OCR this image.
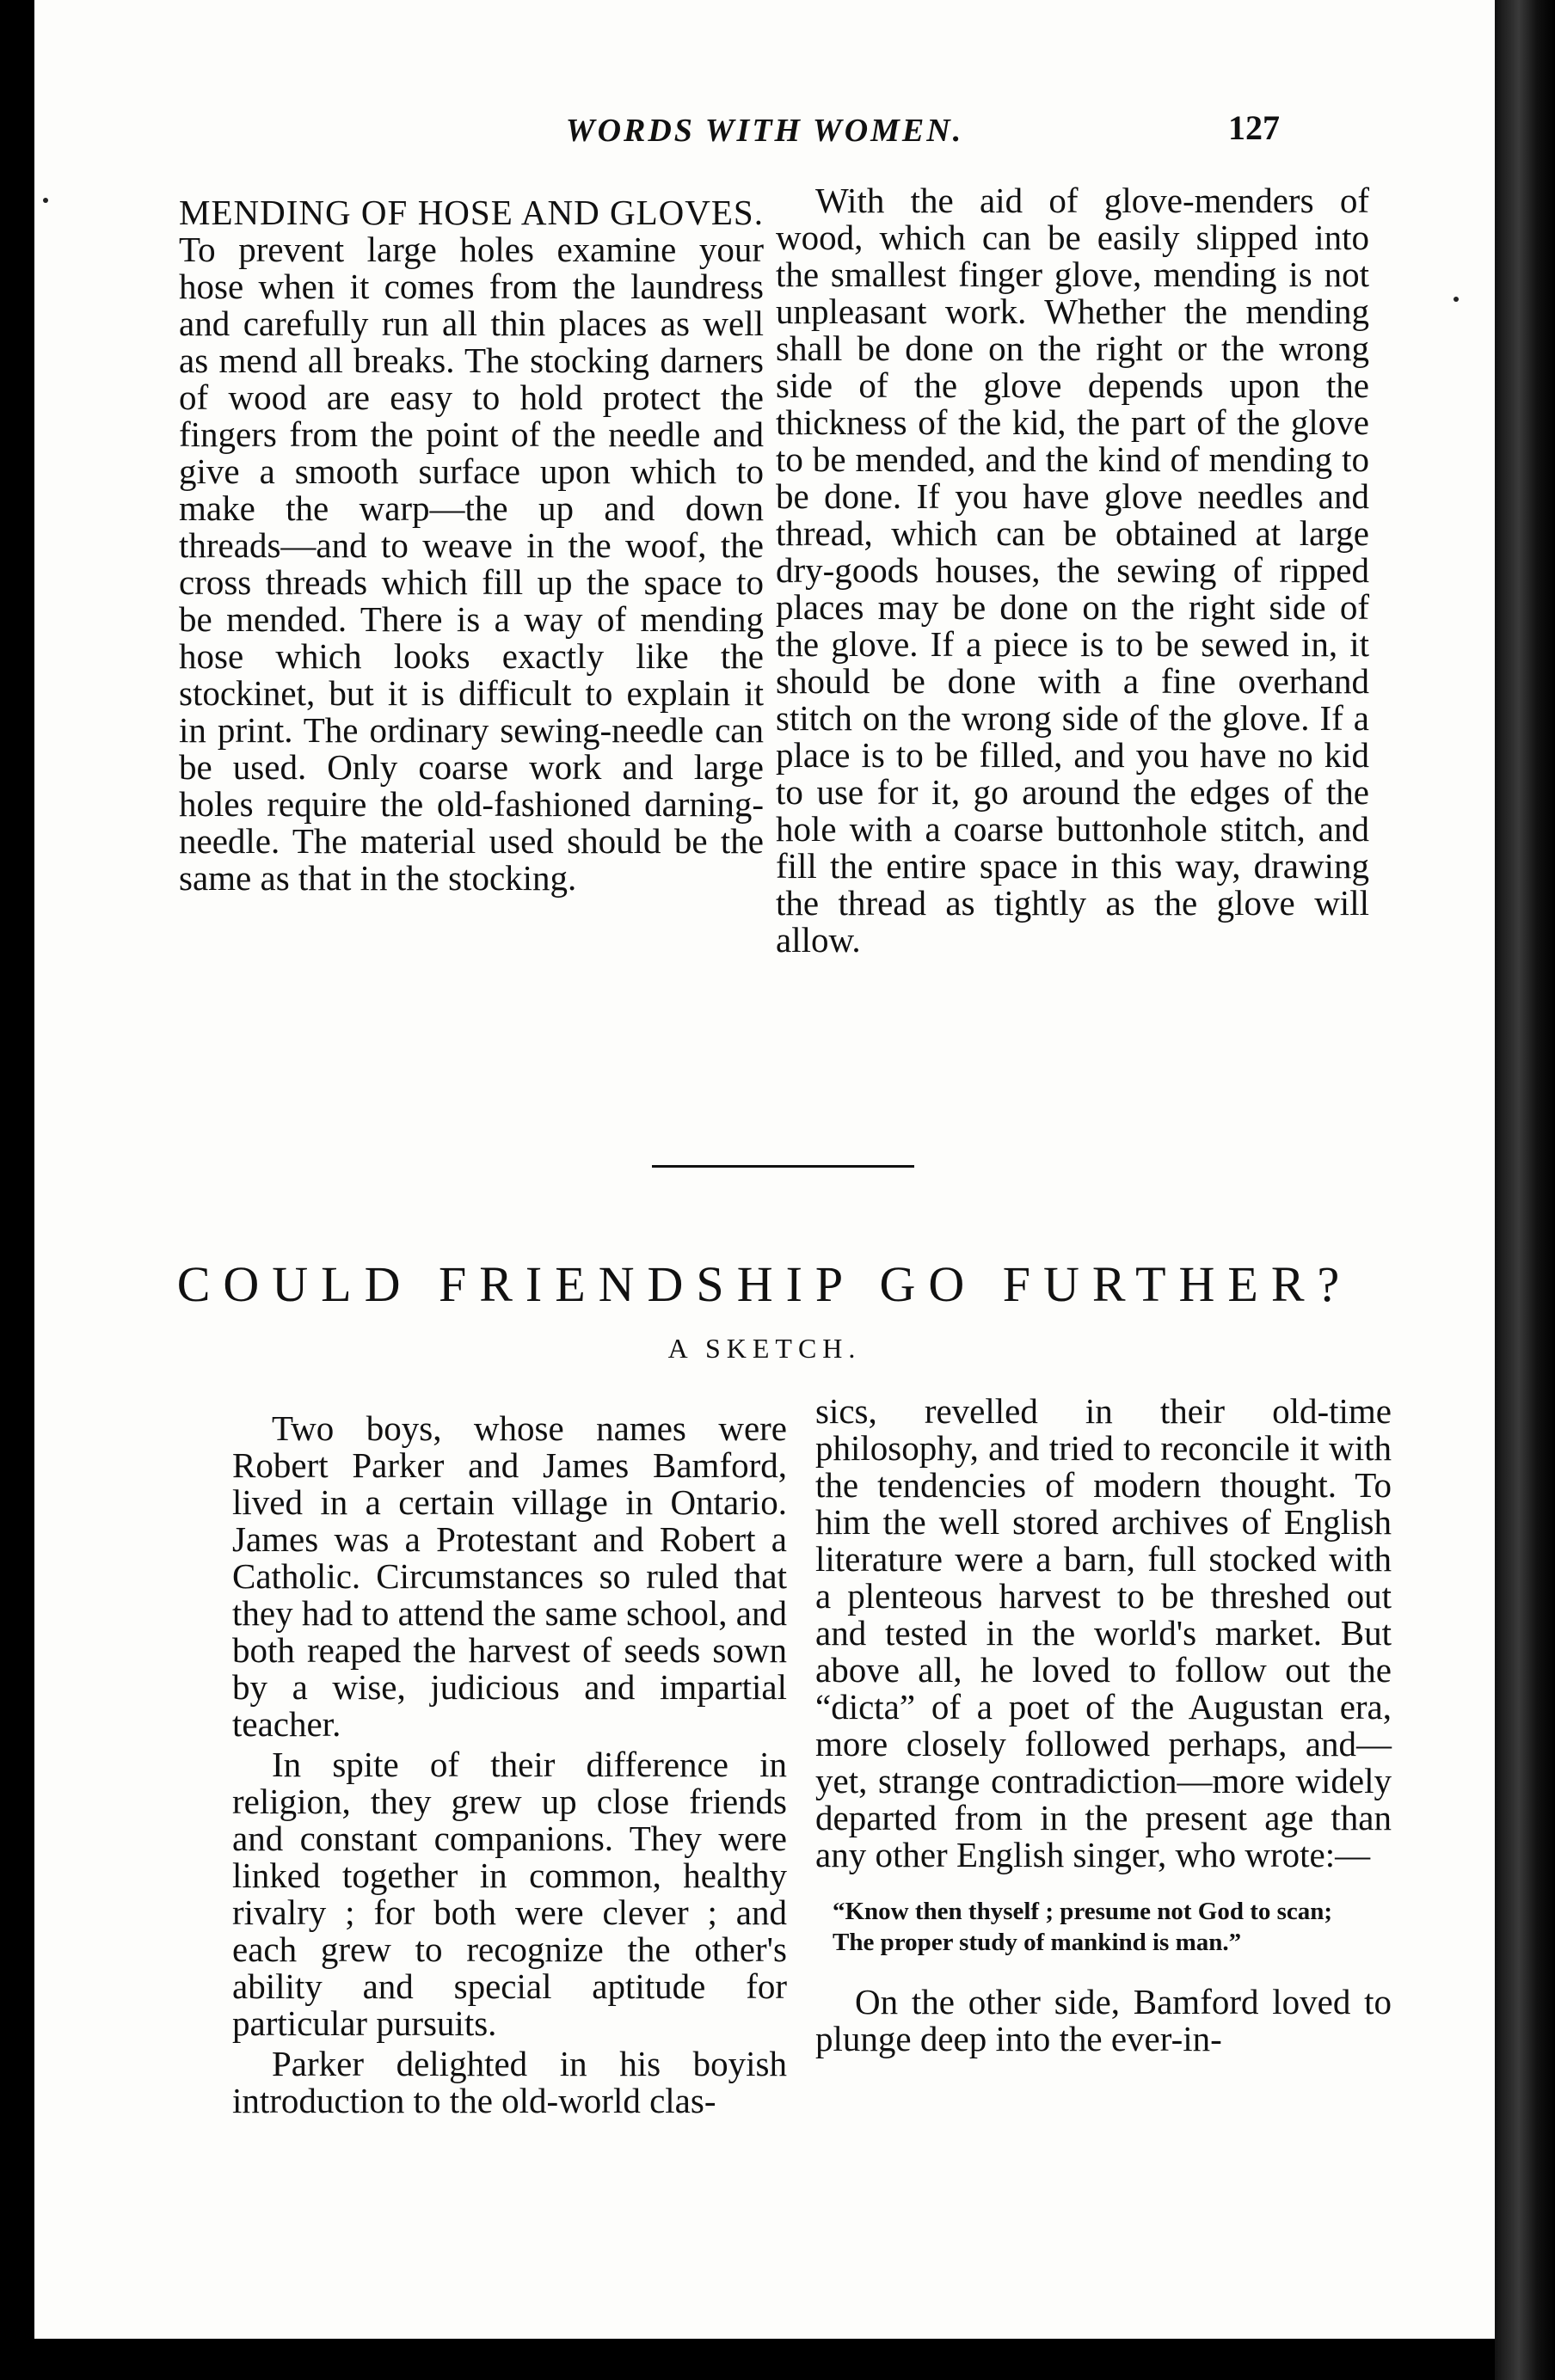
WORDS WITH WOMEN.	127

MENDING OF HOSE AND GLOVES. To prevent large holes examine your hose when it comes from the laundress and carefully run all thin places as well as mend all breaks. The stocking darners of wood are easy to hold protect the fingers from the point of the needle and give a smooth surface upon which to make the warp—the up and down threads—and to weave in the woof, the cross threads which fill up the space to be mended. There is a way of mending hose which looks exactly like the stockinet, but it is difficult to explain it in print. The ordinary sewing-needle can be used. Only coarse work and large holes require the old-fashioned darning-needle. The material used should be the same as that in the stocking.

With the aid of glove-menders of wood, which can be easily slipped into the smallest finger glove, mending is not unpleasant work. Whether the mending shall be done on the right or the wrong side of the glove depends upon the thickness of the kid, the part of the glove to be mended, and the kind of mending to be done. If you have glove needles and thread, which can be obtained at large dry-goods houses, the sewing of ripped places may be done on the right side of the glove. If a piece is to be sewed in, it should be done with a fine overhand stitch on the wrong side of the glove. If a place is to be filled, and you have no kid to use for it, go around the edges of the hole with a coarse buttonhole stitch, and fill the entire space in this way, drawing the thread as tightly as the glove will allow.

COULD FRIENDSHIP GO FURTHER?
A SKETCH.

Two boys, whose names were Robert Parker and James Bamford, lived in a certain village in Ontario. James was a Protestant and Robert a Catholic. Circumstances so ruled that they had to attend the same school, and both reaped the harvest of seeds sown by a wise, judicious and impartial teacher.

In spite of their difference in religion, they grew up close friends and constant companions. They were linked together in common, healthy rivalry ; for both were clever ; and each grew to recognize the other's ability and special aptitude for particular pursuits.

Parker delighted in his boyish introduction to the old-world clas-

sics, revelled in their old-time philosophy, and tried to reconcile it with the tendencies of modern thought. To him the well stored archives of English literature were a barn, full stocked with a plenteous harvest to be threshed out and tested in the world's market. But above all, he loved to follow out the “dicta” of a poet of the Augustan era, more closely followed perhaps, and—yet, strange contradiction—more widely departed from in the present age than any other English singer, who wrote:—

“Know then thyself ; presume not God to scan;
The proper study of mankind is man.”

On the other side, Bamford loved to plunge deep into the ever-in-
